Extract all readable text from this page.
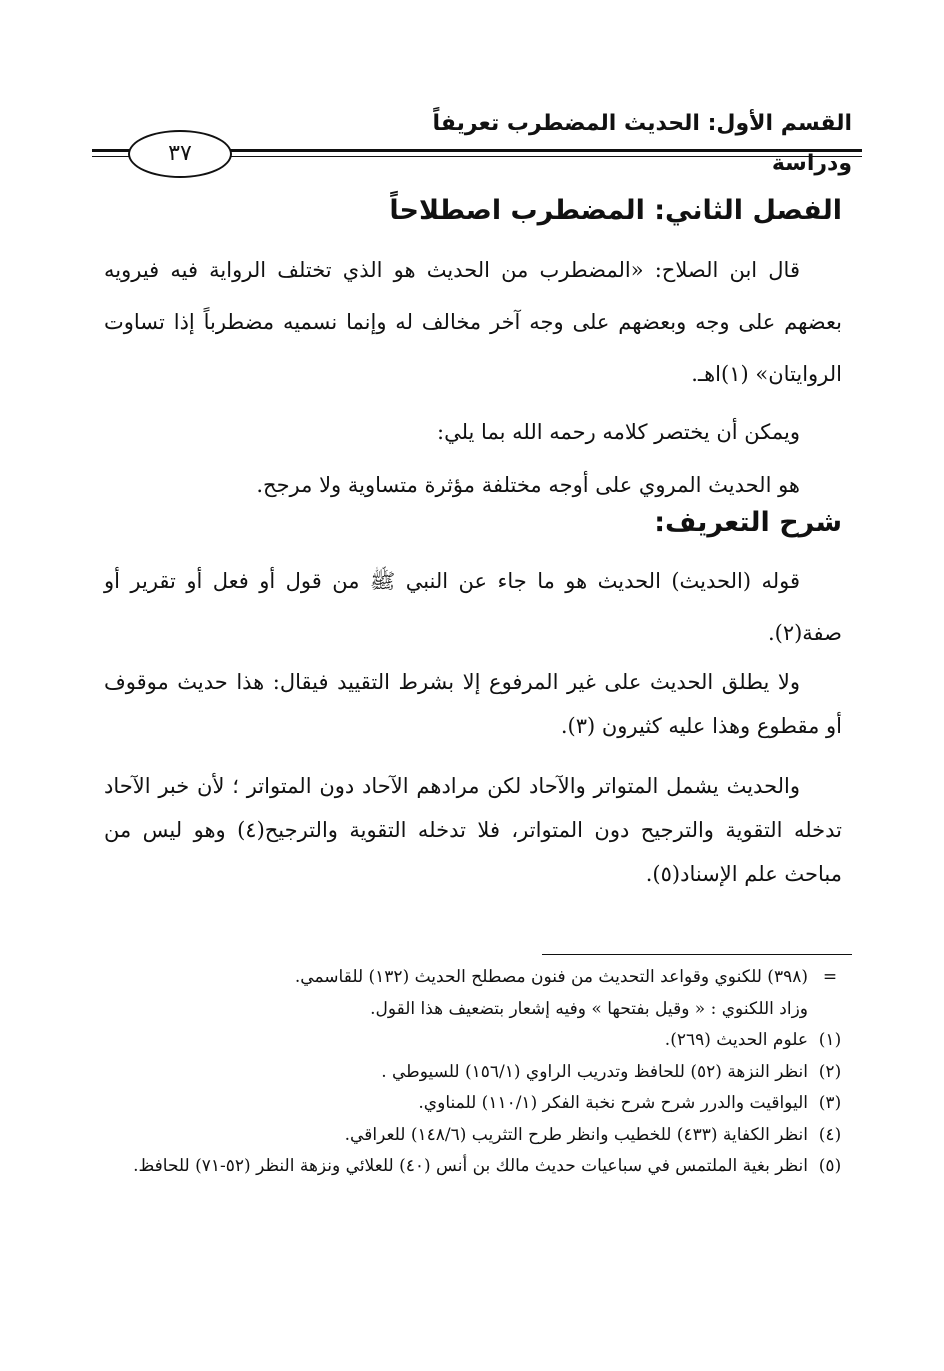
القسم الأول: الحديث المضطرب تعريفاً ودراسة
٣٧
الفصل الثاني: المضطرب اصطلاحاً

قال ابن الصلاح: «المضطرب من الحديث هو الذي تختلف الرواية فيه فيرويه بعضهم على وجه وبعضهم على وجه آخر مخالف له وإنما نسميه مضطرباً إذا تساوت الروايتان» (١)اهـ.

ويمكن أن يختصر كلامه رحمه الله بما يلي:

هو الحديث المروي على أوجه مختلفة مؤثرة متساوية ولا مرجح.

شرح التعريف:

قوله (الحديث) الحديث هو ما جاء عن النبي ﷺ من قول أو فعل أو تقرير أو صفة(٢).

ولا يطلق الحديث على غير المرفوع إلا بشرط التقييد فيقال: هذا حديث موقوف أو مقطوع وهذا عليه كثيرون (٣).

والحديث يشمل المتواتر والآحاد لكن مرادهم الآحاد دون المتواتر ؛ لأن خبر الآحاد تدخله التقوية والترجيح دون المتواتر، فلا تدخله التقوية والترجيح(٤) وهو ليس من مباحث علم الإسناد(٥).

=
(٣٩٨) للكنوي وقواعد التحديث من فنون مصطلح الحديث (١٣٢) للقاسمي.
وزاد اللكنوي : « وقيل بفتحها » وفيه إشعار بتضعيف هذا القول.
(١)
علوم الحديث (٢٦٩).
(٢)
انظر النزهة (٥٢) للحافظ وتدريب الراوي (١٥٦/١) للسيوطي .
(٣)
اليواقيت والدرر شرح شرح نخبة الفكر (١١٠/١) للمناوي.
(٤)
انظر الكفاية (٤٣٣) للخطيب وانظر طرح التثريب (١٤٨/٦) للعراقي.
(٥)
انظر بغية الملتمس في سباعيات حديث مالك بن أنس (٤٠) للعلائي ونزهة النظر (٥٢-٧١) للحافظ.
